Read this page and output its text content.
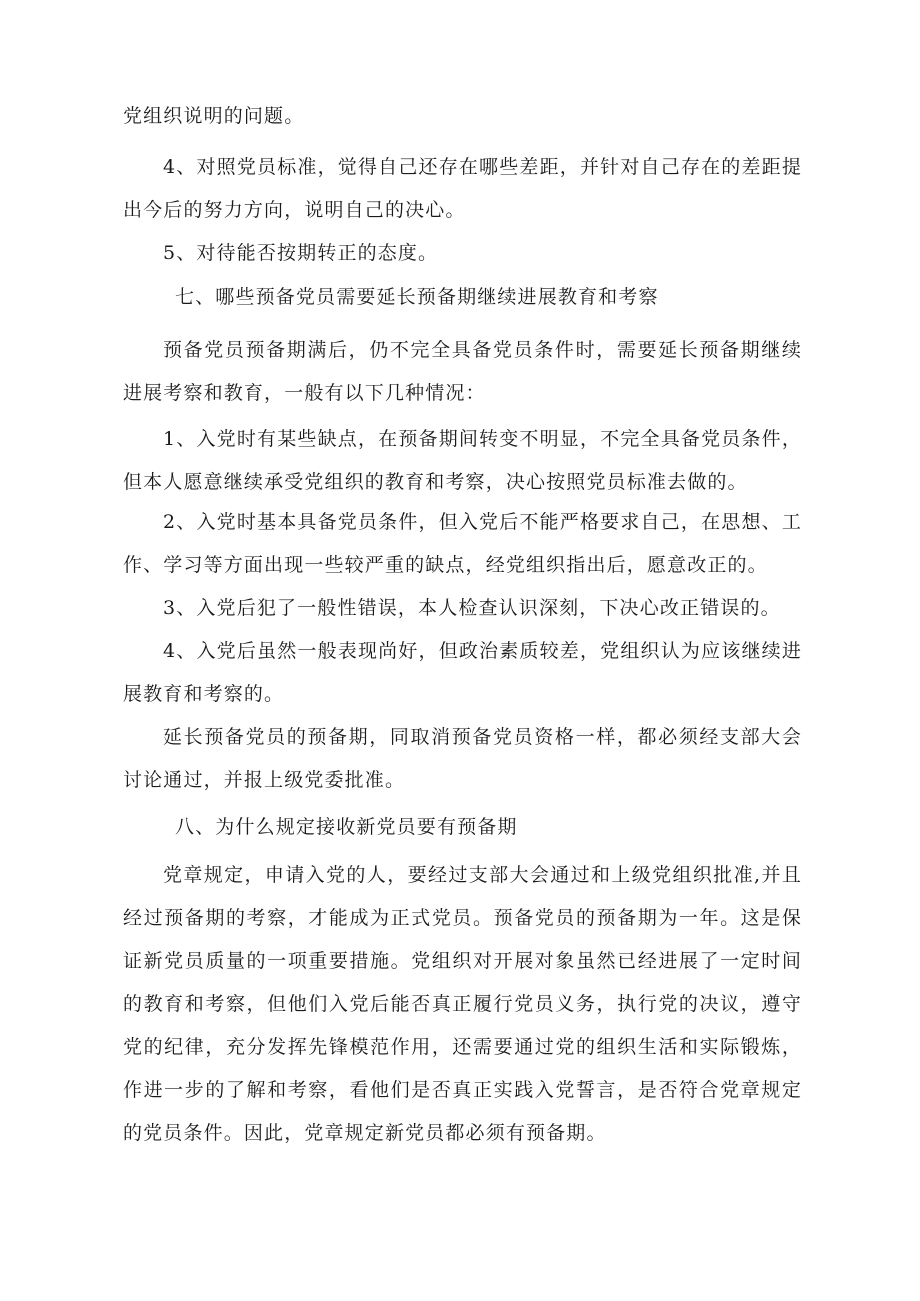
党组织说明的问题。

4、对照党员标准，觉得自己还存在哪些差距，并针对自己存在的差距提出今后的努力方向，说明自己的决心。

5、对待能否按期转正的态度。

七、哪些预备党员需要延长预备期继续进展教育和考察

预备党员预备期满后，仍不完全具备党员条件时，需要延长预备期继续进展考察和教育，一般有以下几种情况：

1、入党时有某些缺点，在预备期间转变不明显，不完全具备党员条件，但本人愿意继续承受党组织的教育和考察，决心按照党员标准去做的。

2、入党时基本具备党员条件，但入党后不能严格要求自己，在思想、工作、学习等方面出现一些较严重的缺点，经党组织指出后，愿意改正的。

3、入党后犯了一般性错误，本人检查认识深刻，下决心改正错误的。

4、入党后虽然一般表现尚好，但政治素质较差，党组织认为应该继续进展教育和考察的。

延长预备党员的预备期，同取消预备党员资格一样，都必须经支部大会讨论通过，并报上级党委批准。

八、为什么规定接收新党员要有预备期

党章规定，申请入党的人，要经过支部大会通过和上级党组织批准,并且经过预备期的考察，才能成为正式党员。预备党员的预备期为一年。这是保证新党员质量的一项重要措施。党组织对开展对象虽然已经进展了一定时间的教育和考察，但他们入党后能否真正履行党员义务，执行党的决议，遵守党的纪律，充分发挥先锋模范作用，还需要通过党的组织生活和实际锻炼，作进一步的了解和考察，看他们是否真正实践入党誓言，是否符合党章规定的党员条件。因此，党章规定新党员都必须有预备期。
